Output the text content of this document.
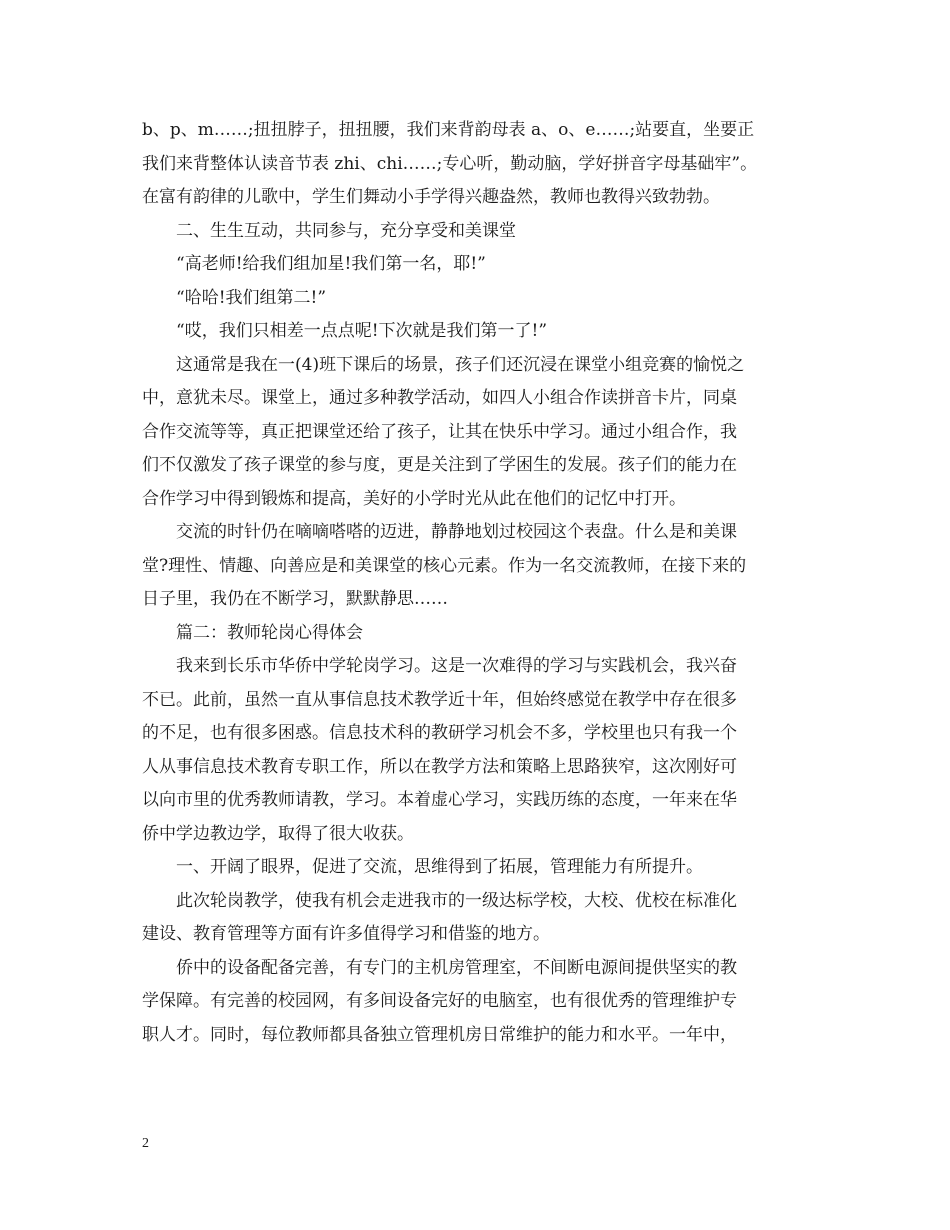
b、p、m……;扭扭脖子，扭扭腰，我们来背韵母表 a、o、e……;站要直，坐要正

我们来背整体认读音节表 zhi、chi……;专心听，勤动脑，学好拼音字母基础牢”。

在富有韵律的儿歌中，学生们舞动小手学得兴趣盎然，教师也教得兴致勃勃。

二、生生互动，共同参与，充分享受和美课堂

“高老师!给我们组加星!我们第一名，耶!”

“哈哈!我们组第二!”

“哎，我们只相差一点点呢!下次就是我们第一了!”

这通常是我在一(4)班下课后的场景，孩子们还沉浸在课堂小组竞赛的愉悦之

中，意犹未尽。课堂上，通过多种教学活动，如四人小组合作读拼音卡片，同桌

合作交流等等，真正把课堂还给了孩子，让其在快乐中学习。通过小组合作，我

们不仅激发了孩子课堂的参与度，更是关注到了学困生的发展。孩子们的能力在

合作学习中得到锻炼和提高，美好的小学时光从此在他们的记忆中打开。

交流的时针仍在嘀嘀嗒嗒的迈进，静静地划过校园这个表盘。什么是和美课

堂?理性、情趣、向善应是和美课堂的核心元素。作为一名交流教师，在接下来的

日子里，我仍在不断学习，默默静思……

篇二：教师轮岗心得体会

我来到长乐市华侨中学轮岗学习。这是一次难得的学习与实践机会，我兴奋

不已。此前，虽然一直从事信息技术教学近十年，但始终感觉在教学中存在很多

的不足，也有很多困惑。信息技术科的教研学习机会不多，学校里也只有我一个

人从事信息技术教育专职工作，所以在教学方法和策略上思路狭窄，这次刚好可

以向市里的优秀教师请教，学习。本着虚心学习，实践历练的态度，一年来在华

侨中学边教边学，取得了很大收获。

一、开阔了眼界，促进了交流，思维得到了拓展，管理能力有所提升。

此次轮岗教学，使我有机会走进我市的一级达标学校，大校、优校在标准化

建设、教育管理等方面有许多值得学习和借鉴的地方。

侨中的设备配备完善，有专门的主机房管理室，不间断电源间提供坚实的教

学保障。有完善的校园网，有多间设备完好的电脑室，也有很优秀的管理维护专

职人才。同时，每位教师都具备独立管理机房日常维护的能力和水平。一年中，

2
